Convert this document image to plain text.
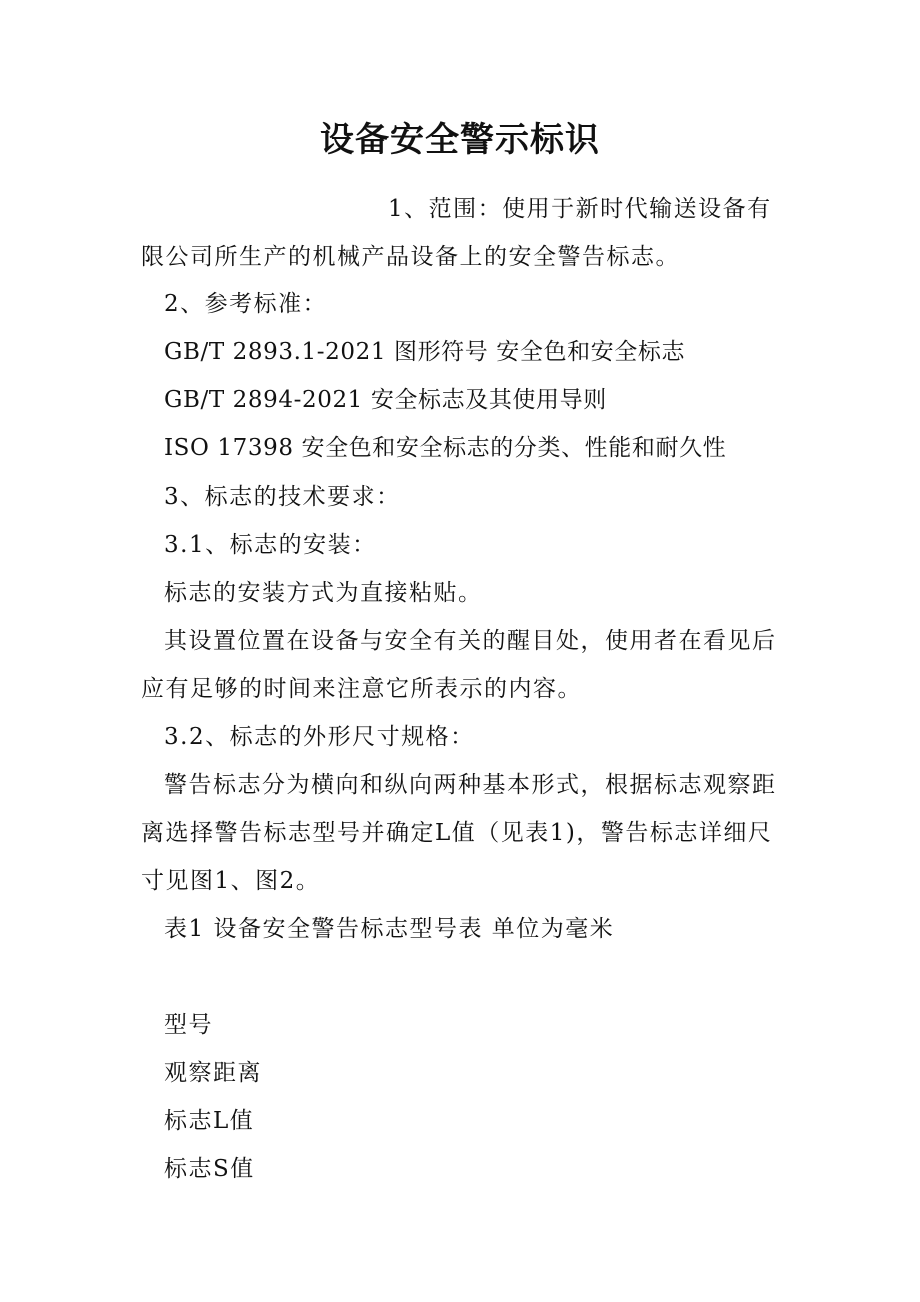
设备安全警示标识
1、范围：使用于新时代输送设备有
限公司所生产的机械产品设备上的安全警告标志。
2、参考标准：
GB/T 2893.1-2021 图形符号 安全色和安全标志
GB/T 2894-2021 安全标志及其使用导则
ISO 17398 安全色和安全标志的分类、性能和耐久性
3、标志的技术要求：
3.1、标志的安装：
标志的安装方式为直接粘贴。
其设置位置在设备与安全有关的醒目处，使用者在看见后
应有足够的时间来注意它所表示的内容。
3.2、标志的外形尺寸规格：
警告标志分为横向和纵向两种基本形式，根据标志观察距
离选择警告标志型号并确定L值（见表1)，警告标志详细尺
寸见图1、图2。
表1 设备安全警告标志型号表 单位为毫米
型号
观察距离
标志L值
标志S值
